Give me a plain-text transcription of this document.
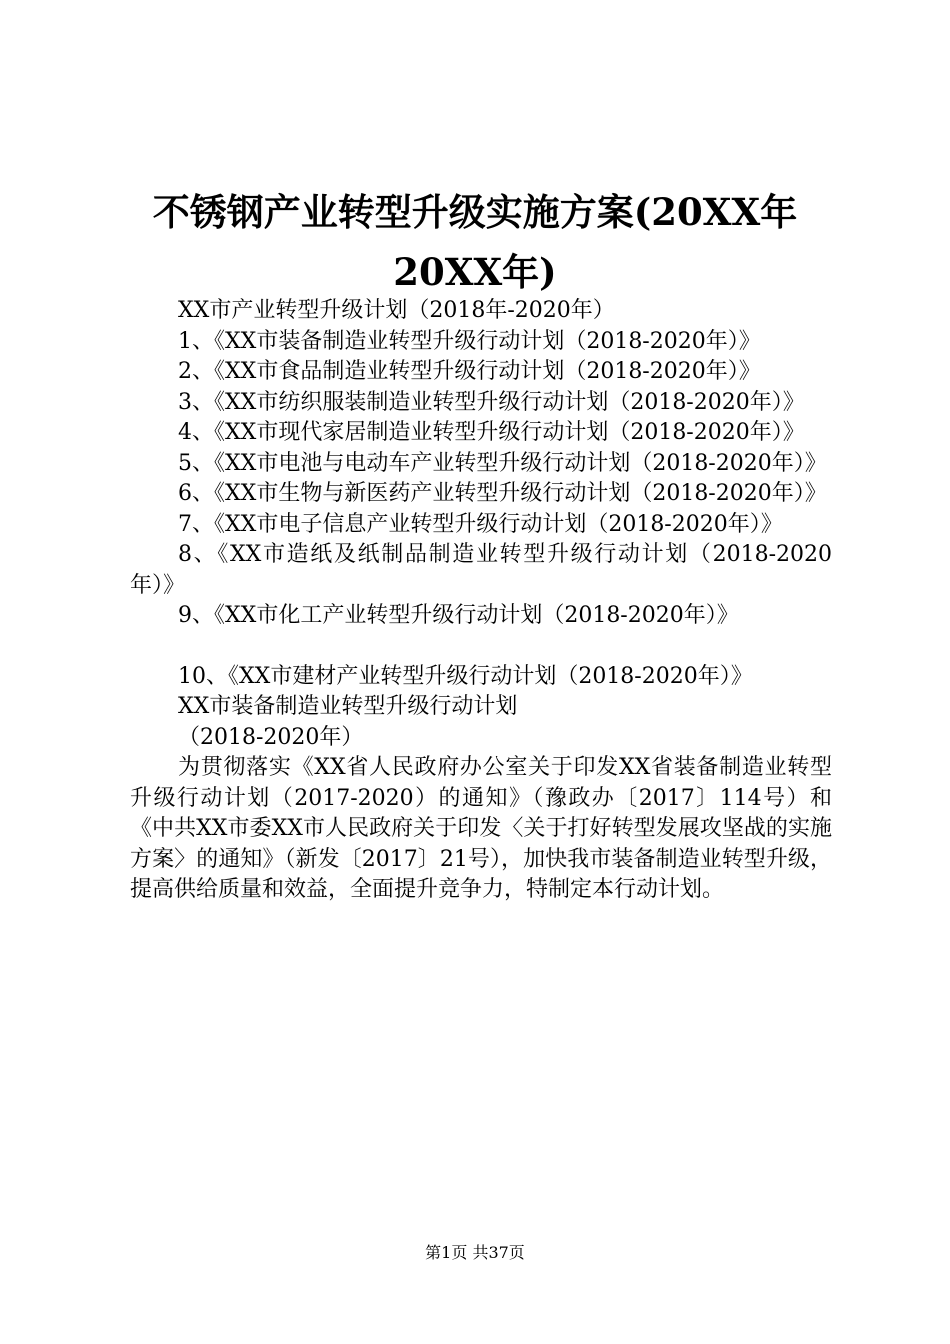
不锈钢产业转型升级实施方案(20XX年20XX年)

XX市产业转型升级计划（2018年-2020年）

1、《XX市装备制造业转型升级行动计划（2018-2020年）》

2、《XX市食品制造业转型升级行动计划（2018-2020年）》

3、《XX市纺织服装制造业转型升级行动计划（2018-2020年）》

4、《XX市现代家居制造业转型升级行动计划（2018-2020年）》

5、《XX市电池与电动车产业转型升级行动计划（2018-2020年）》

6、《XX市生物与新医药产业转型升级行动计划（2018-2020年）》

7、《XX市电子信息产业转型升级行动计划（2018-2020年）》

8、《XX市造纸及纸制品制造业转型升级行动计划（2018-2020年）》

9、《XX市化工产业转型升级行动计划（2018-2020年）》

10、《XX市建材产业转型升级行动计划（2018-2020年）》

XX市装备制造业转型升级行动计划

（2018-2020年）

为贯彻落实《XX省人民政府办公室关于印发XX省装备制造业转型升级行动计划（2017-2020）的通知》（豫政办〔2017〕114号）和《中共XX市委XX市人民政府关于印发〈关于打好转型发展攻坚战的实施方案〉的通知》（新发〔2017〕21号），加快我市装备制造业转型升级，提高供给质量和效益，全面提升竞争力，特制定本行动计划。

第1页 共37页
